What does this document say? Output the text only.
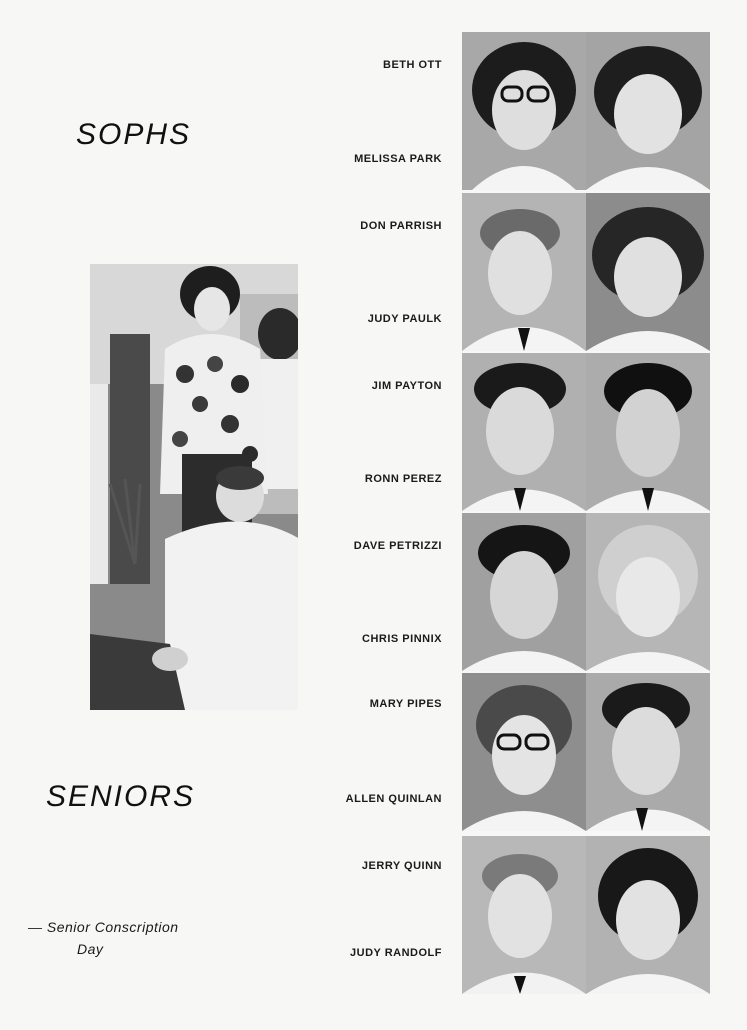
SOPHS
SENIORS
— Senior Conscription
Day
BETH OTT
MELISSA PARK
DON PARRISH
JUDY PAULK
JIM PAYTON
RONN PEREZ
DAVE PETRIZZI
CHRIS PINNIX
MARY PIPES
ALLEN QUINLAN
JERRY QUINN
JUDY RANDOLF
